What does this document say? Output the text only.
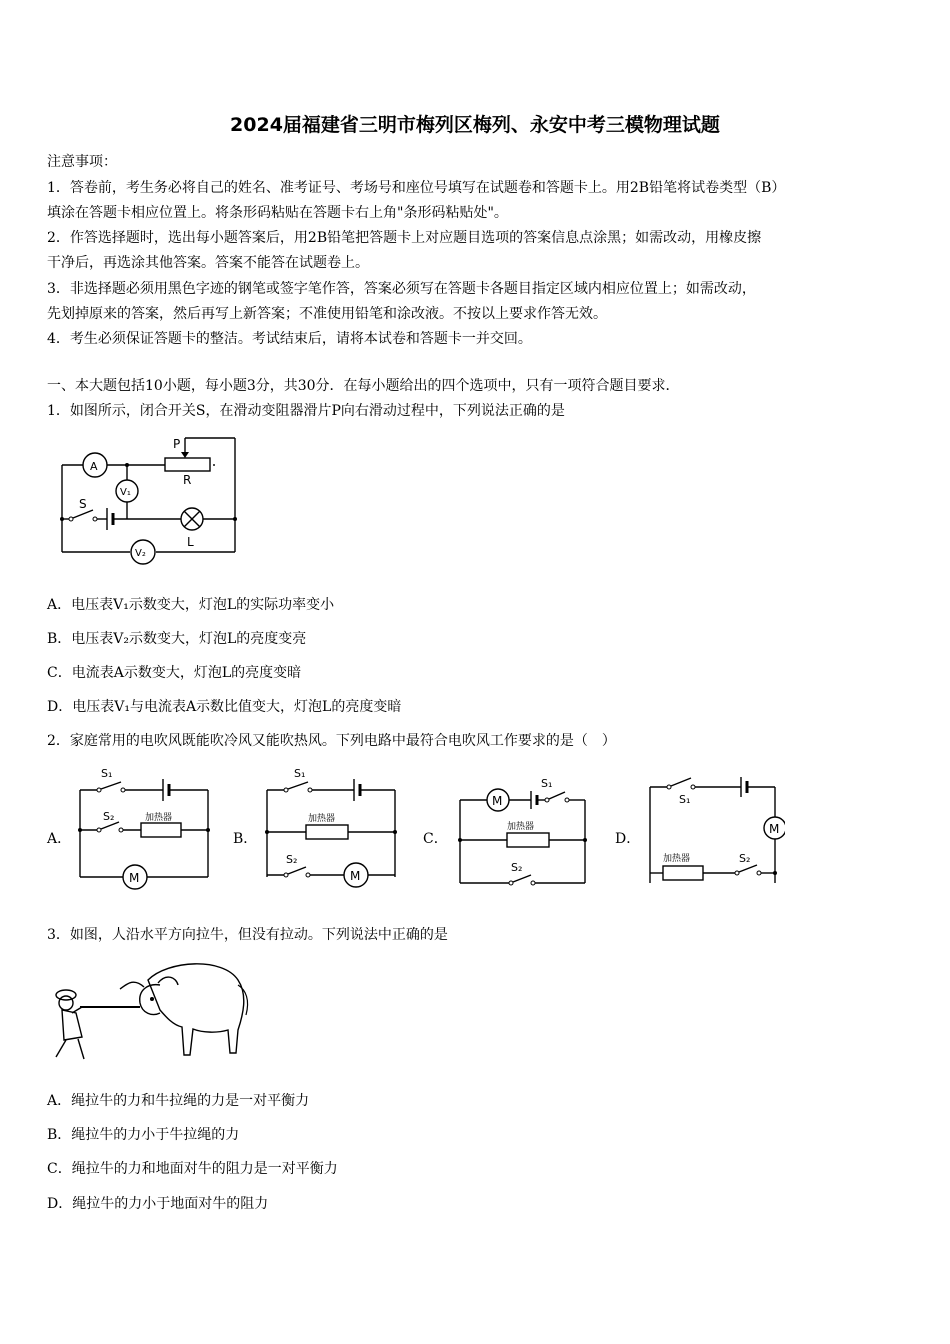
2024届福建省三明市梅列区梅列、永安中考三模物理试题
注意事项：
1．答卷前，考生务必将自己的姓名、准考证号、考场号和座位号填写在试题卷和答题卡上。用2B铅笔将试卷类型（B）
填涂在答题卡相应位置上。将条形码粘贴在答题卡右上角"条形码粘贴处"。
2．作答选择题时，选出每小题答案后，用2B铅笔把答题卡上对应题目选项的答案信息点涂黑；如需改动，用橡皮擦
干净后，再选涂其他答案。答案不能答在试题卷上。
3．非选择题必须用黑色字迹的钢笔或签字笔作答，答案必须写在答题卡各题目指定区域内相应位置上；如需改动，
先划掉原来的答案，然后再写上新答案；不准使用铅笔和涂改液。不按以上要求作答无效。
4．考生必须保证答题卡的整洁。考试结束后，请将本试卷和答题卡一并交回。
一、本大题包括10小题，每小题3分，共30分．在每小题给出的四个选项中，只有一项符合题目要求．
1．如图所示，闭合开关S，在滑动变阻器滑片P向右滑动过程中，下列说法正确的是
P
R
A
V₁
S
L
V₂
A．电压表V₁示数变大，灯泡L的实际功率变小
B．电压表V₂示数变大，灯泡L的亮度变亮
C．电流表A示数变大，灯泡L的亮度变暗
D．电压表V₁与电流表A示数比值变大，灯泡L的亮度变暗
2．家庭常用的电吹风既能吹冷风又能吹热风。下列电路中最符合电吹风工作要求的是（　）
A．	B．	C．	D．
S₁
S₂	加热器
M
S₁
加热器
S₂
M
M
S₁
加热器
S₂
S₁
M
加热器	S₂
3．如图，人沿水平方向拉牛，但没有拉动。下列说法中正确的是
A．绳拉牛的力和牛拉绳的力是一对平衡力
B．绳拉牛的力小于牛拉绳的力
C．绳拉牛的力和地面对牛的阻力是一对平衡力
D．绳拉牛的力小于地面对牛的阻力
